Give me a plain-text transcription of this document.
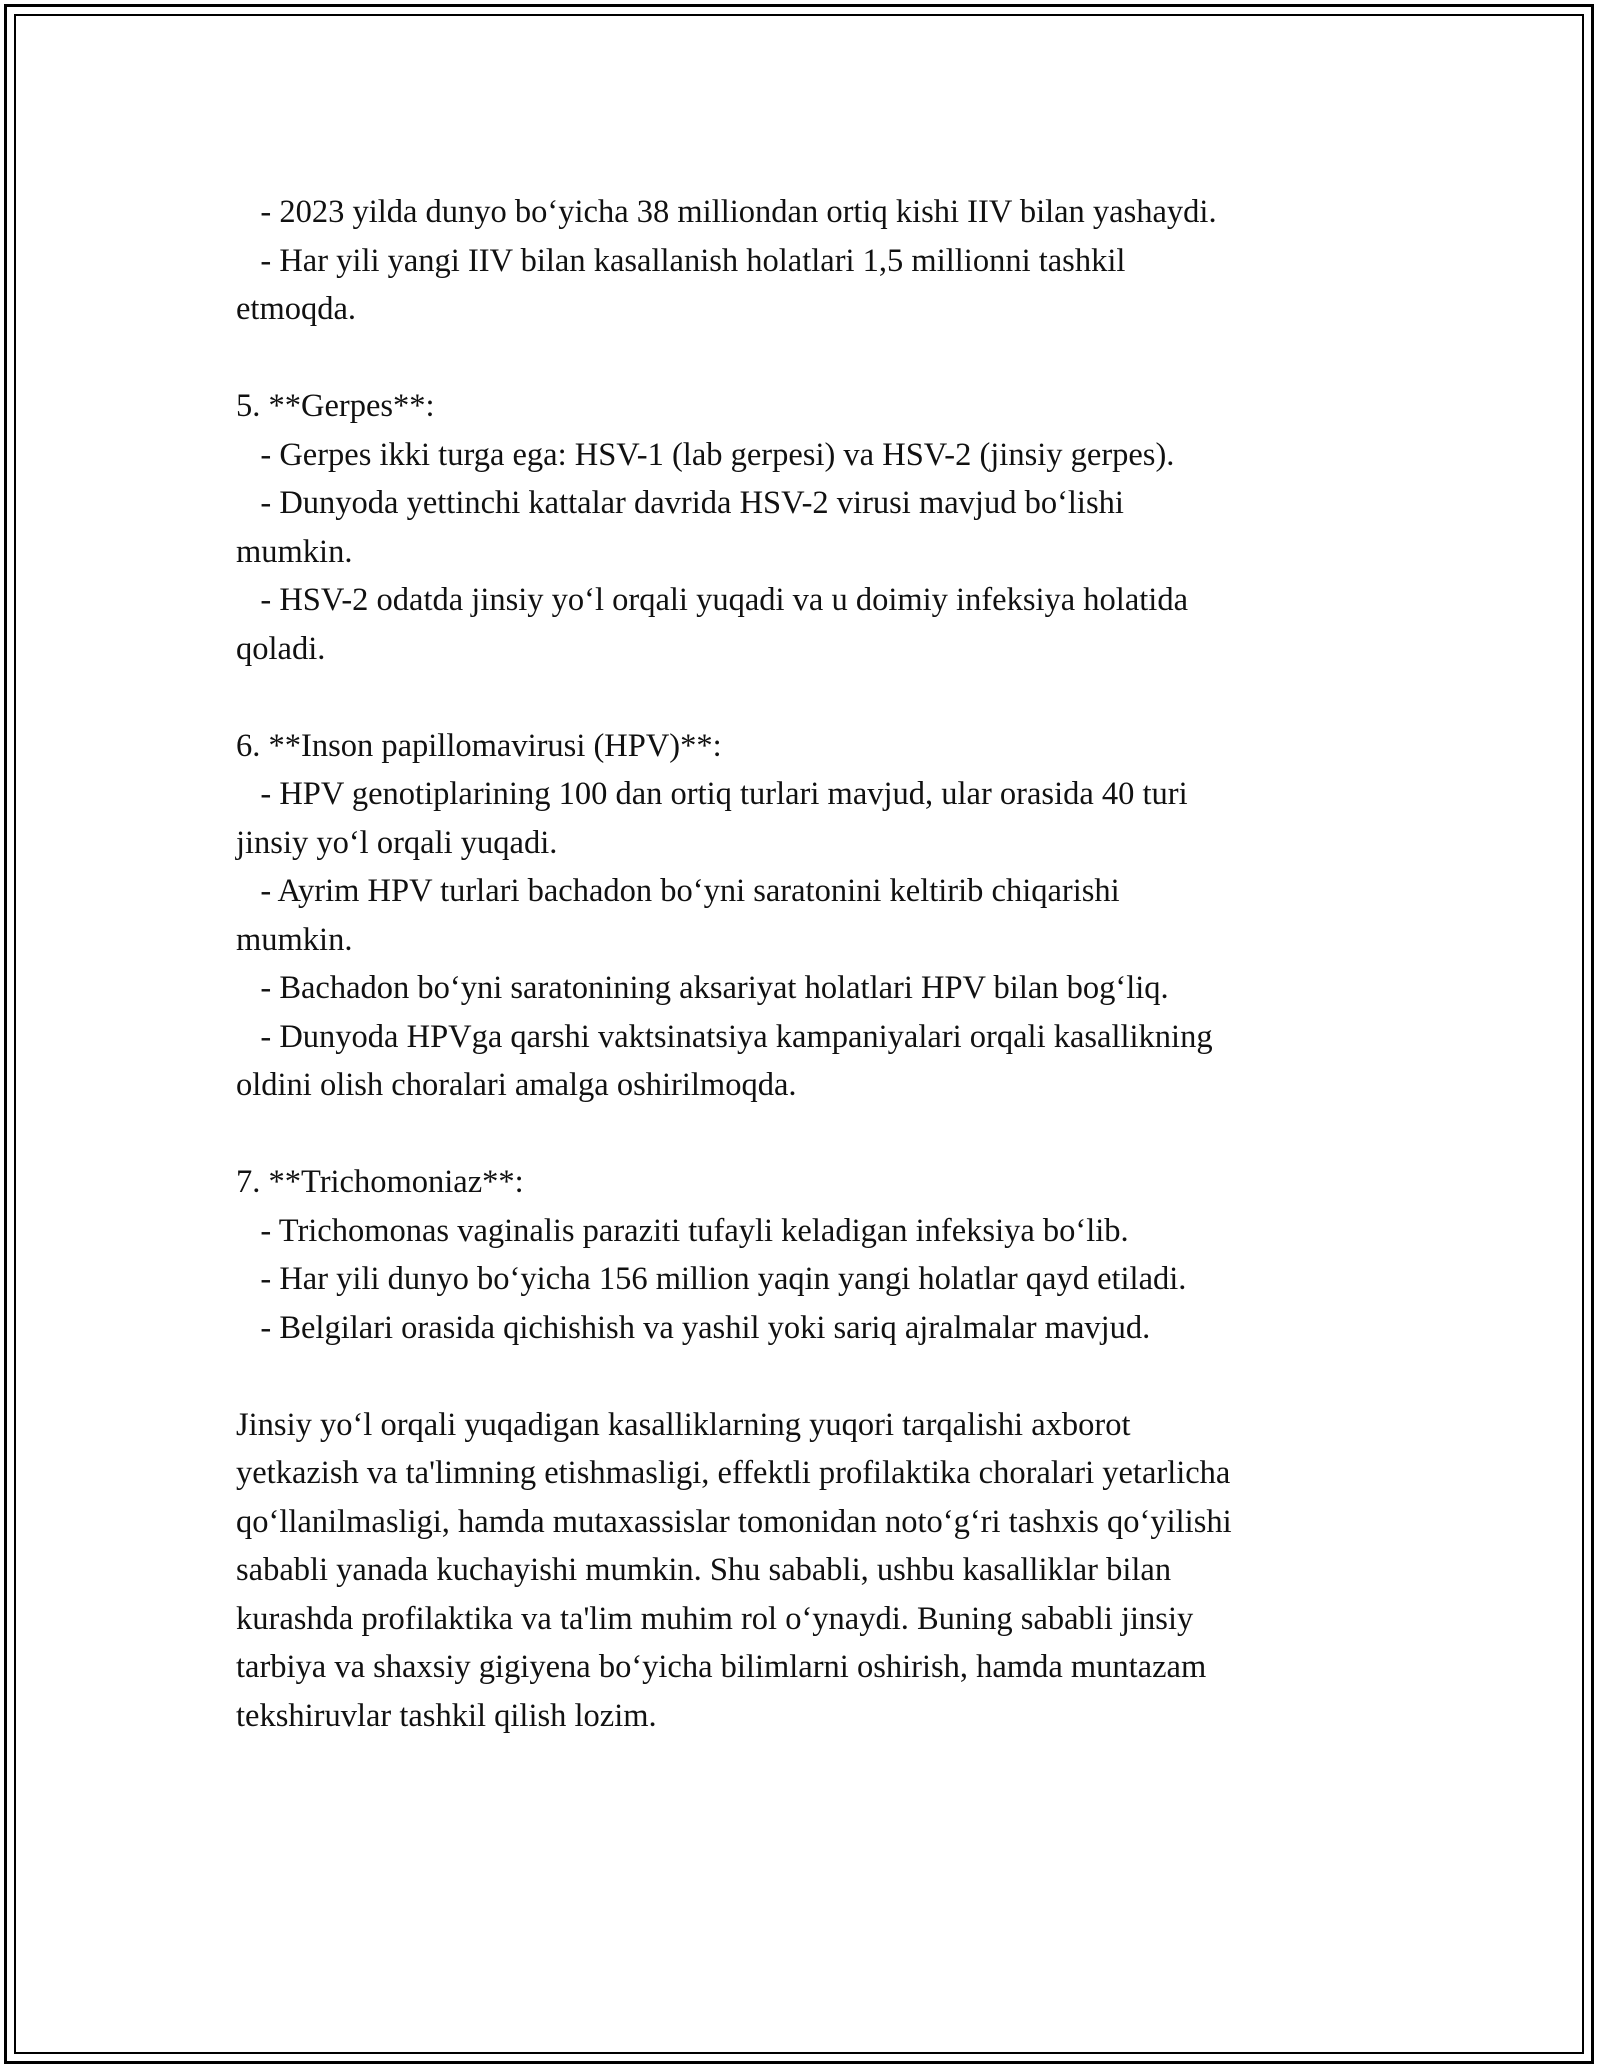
- 2023 yilda dunyo bo‘yicha 38 milliondan ortiq kishi IIV bilan yashaydi.
- Har yili yangi IIV bilan kasallanish holatlari 1,5 millionni tashkil
etmoqda.
5. **Gerpes**:
- Gerpes ikki turga ega: HSV-1 (lab gerpesi) va HSV-2 (jinsiy gerpes).
- Dunyoda yettinchi kattalar davrida HSV-2 virusi mavjud bo‘lishi
mumkin.
- HSV-2 odatda jinsiy yo‘l orqali yuqadi va u doimiy infeksiya holatida
qoladi.
6. **Inson papillomavirusi (HPV)**:
- HPV genotiplarining 100 dan ortiq turlari mavjud, ular orasida 40 turi
jinsiy yo‘l orqali yuqadi.
- Ayrim HPV turlari bachadon bo‘yni saratonini keltirib chiqarishi
mumkin.
- Bachadon bo‘yni saratonining aksariyat holatlari HPV bilan bog‘liq.
- Dunyoda HPVga qarshi vaktsinatsiya kampaniyalari orqali kasallikning
oldini olish choralari amalga oshirilmoqda.
7. **Trichomoniaz**:
- Trichomonas vaginalis paraziti tufayli keladigan infeksiya bo‘lib.
- Har yili dunyo bo‘yicha 156 million yaqin yangi holatlar qayd etiladi.
- Belgilari orasida qichishish va yashil yoki sariq ajralmalar mavjud.
Jinsiy yo‘l orqali yuqadigan kasalliklarning yuqori tarqalishi axborot
yetkazish va ta'limning etishmasligi, effektli profilaktika choralari yetarlicha
qo‘llanilmasligi, hamda mutaxassislar tomonidan noto‘g‘ri tashxis qo‘yilishi
sababli yanada kuchayishi mumkin. Shu sababli, ushbu kasalliklar bilan
kurashda profilaktika va ta'lim muhim rol o‘ynaydi. Buning sababli jinsiy
tarbiya va shaxsiy gigiyena bo‘yicha bilimlarni oshirish, hamda muntazam
tekshiruvlar tashkil qilish lozim.
